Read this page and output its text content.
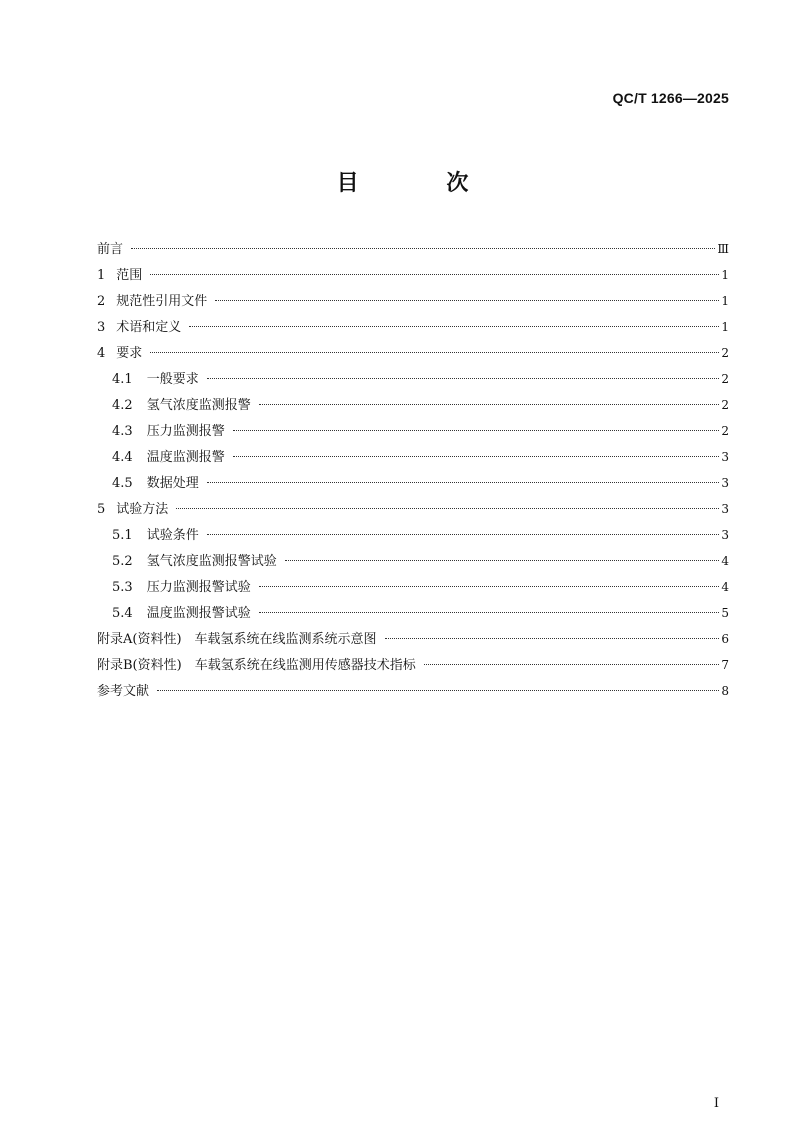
QC/T 1266—2025
目 次
前言	Ⅲ
1 范围	1
2 规范性引用文件	1
3 术语和定义	1
4 要求	2
4.1 一般要求	2
4.2 氢气浓度监测报警	2
4.3 压力监测报警	2
4.4 温度监测报警	3
4.5 数据处理	3
5 试验方法	3
5.1 试验条件	3
5.2 氢气浓度监测报警试验	4
5.3 压力监测报警试验	4
5.4 温度监测报警试验	5
附录A(资料性)　车载氢系统在线监测系统示意图	6
附录B(资料性)　车载氢系统在线监测用传感器技术指标	7
参考文献	8
I
